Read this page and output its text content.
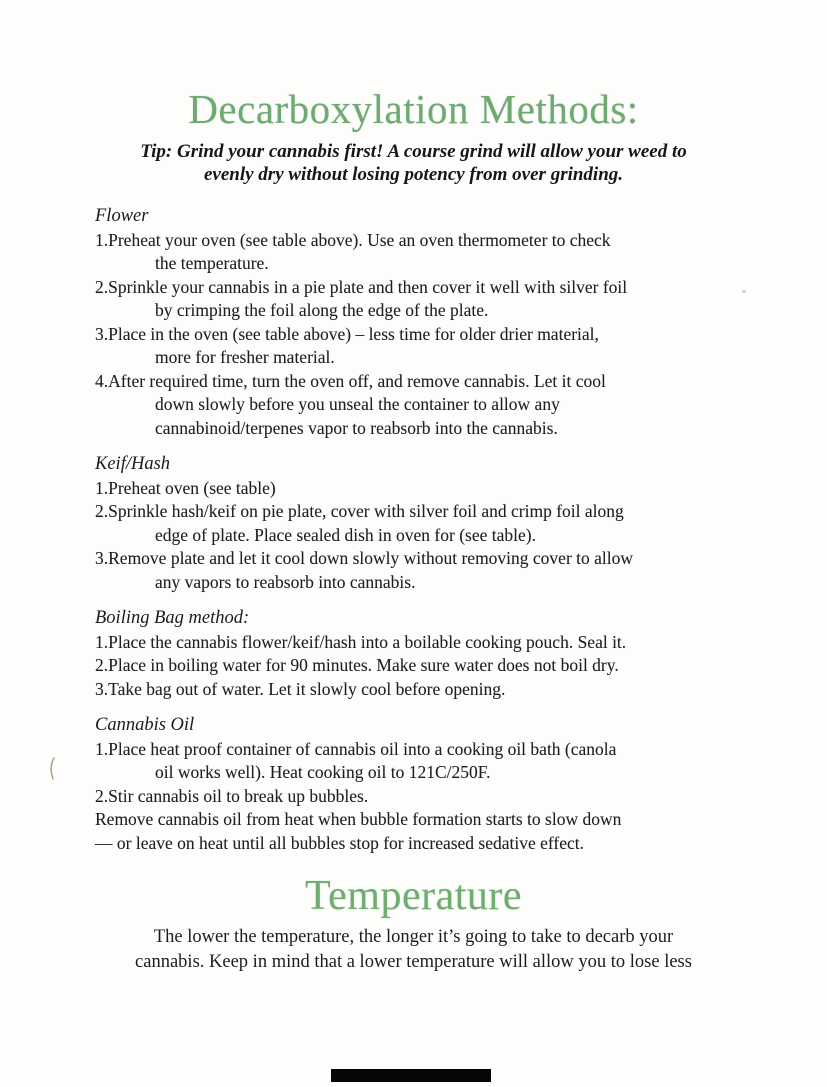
Decarboxylation Methods:
Tip: Grind your cannabis first! A course grind will allow your weed to
evenly dry without losing potency from over grinding.
Flower
1.Preheat your oven (see table above). Use an oven thermometer to check
the temperature.
2.Sprinkle your cannabis in a pie plate and then cover it well with silver foil
by crimping the foil along the edge of the plate.
3.Place in the oven (see table above) – less time for older drier material,
more for fresher material.
4.After required time, turn the oven off, and remove cannabis. Let it cool
down slowly before you unseal the container to allow any
cannabinoid/terpenes vapor to reabsorb into the cannabis.
Keif/Hash
1.Preheat oven (see table)
2.Sprinkle hash/keif on pie plate, cover with silver foil and crimp foil along
edge of plate. Place sealed dish in oven for (see table).
3.Remove plate and let it cool down slowly without removing cover to allow
any vapors to reabsorb into cannabis.
Boiling Bag method:
1.Place the cannabis flower/keif/hash into a boilable cooking pouch. Seal it.
2.Place in boiling water for 90 minutes. Make sure water does not boil dry.
3.Take bag out of water. Let it slowly cool before opening.
Cannabis Oil
1.Place heat proof container of cannabis oil into a cooking oil bath (canola
oil works well). Heat cooking oil to 121C/250F.
2.Stir cannabis oil to break up bubbles.
Remove cannabis oil from heat when bubble formation starts to slow down
— or leave on heat until all bubbles stop for increased sedative effect.
Temperature
The lower the temperature, the longer it’s going to take to decarb your
cannabis. Keep in mind that a lower temperature will allow you to lose less
